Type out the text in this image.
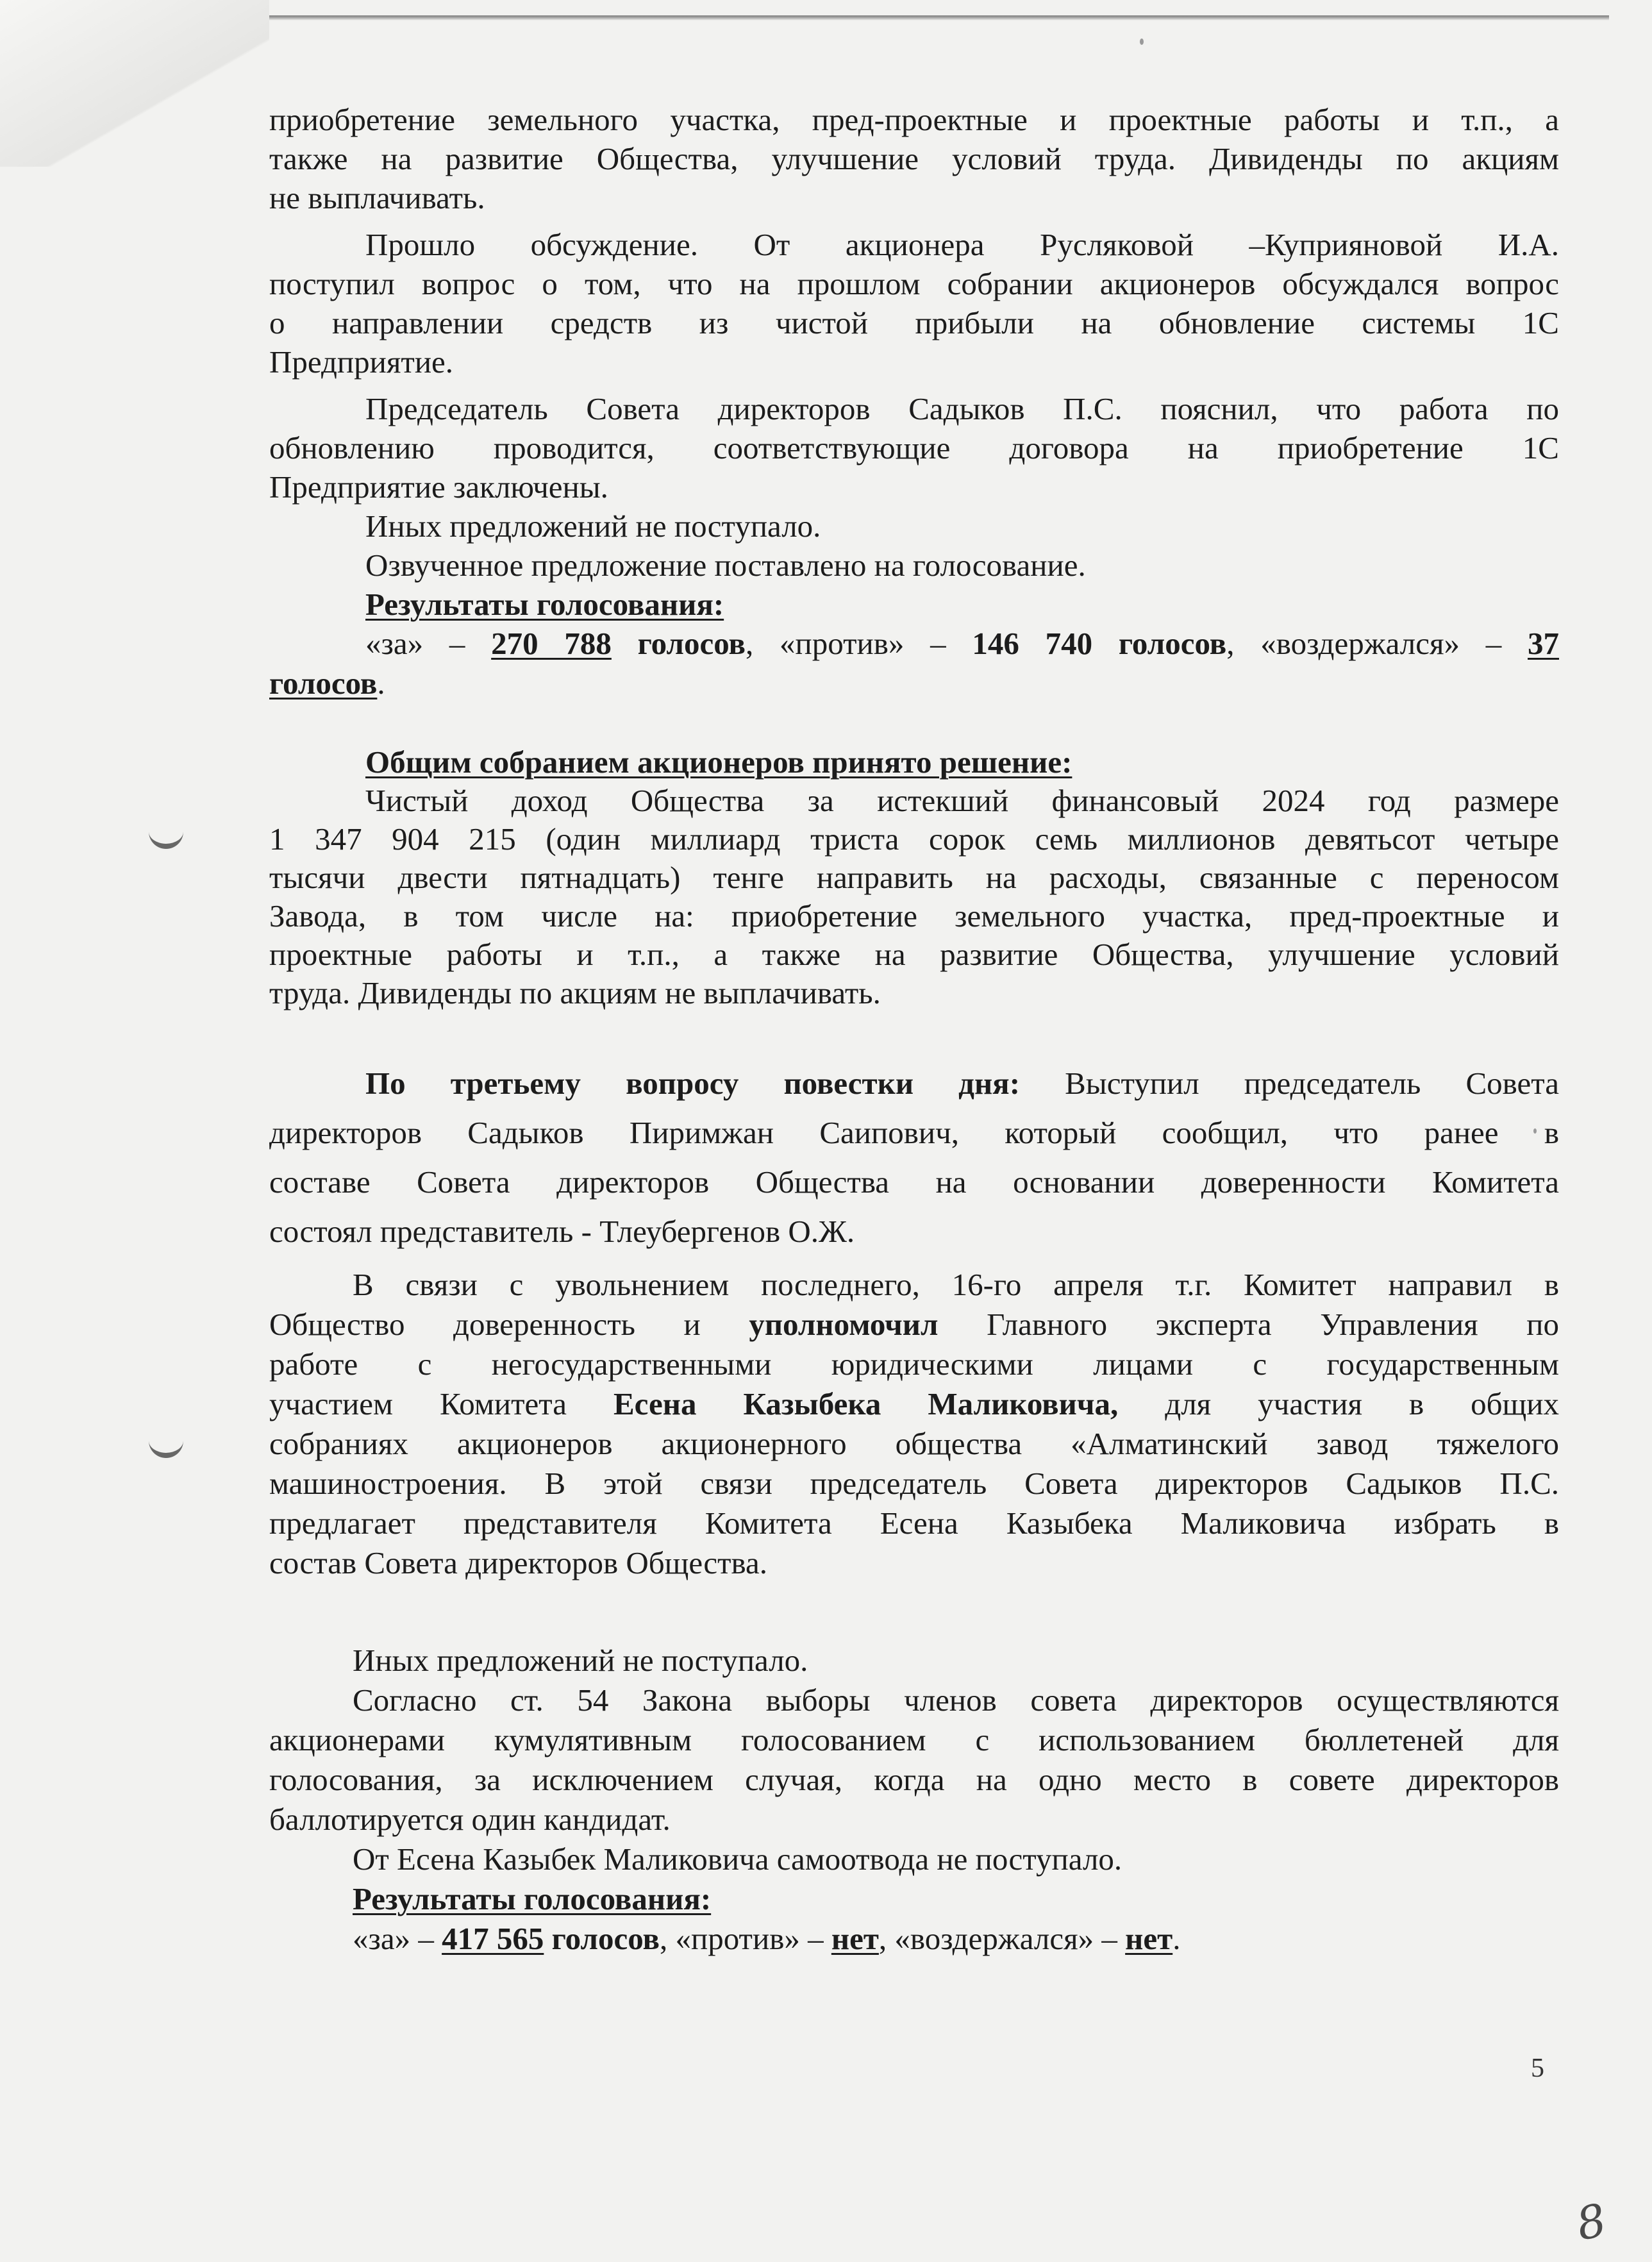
приобретение земельного участка, пред-проектные и проектные работы и т.п., а

также на развитие Общества, улучшение условий труда. Дивиденды по акциям

не выплачивать.

Прошло обсуждение. От акционера Русляковой –Куприяновой И.А.

поступил вопрос о том, что на прошлом собрании акционеров обсуждался вопрос

о направлении средств из чистой прибыли на обновление системы 1С

Предприятие.

Председатель Совета директоров Садыков П.С. пояснил, что работа по

обновлению проводится, соответствующие договора на приобретение 1С

Предприятие заключены.

Иных предложений не поступало.

Озвученное предложение поставлено на голосование.

Результаты голосования:

«за» – 270 788 голосов, «против» – 146 740 голосов, «воздержался» – 37

голосов.

Общим собранием акционеров принято решение:

Чистый доход Общества за истекший финансовый 2024 год размере

1 347 904 215 (один миллиард триста сорок семь миллионов девятьсот четыре

тысячи двести пятнадцать) тенге направить на расходы, связанные с переносом

Завода, в том числе на: приобретение земельного участка, пред-проектные и

проектные работы и т.п., а также на развитие Общества, улучшение условий

труда. Дивиденды по акциям не выплачивать.

По третьему вопросу повестки дня: Выступил председатель Совета

директоров Садыков Пиримжан Саипович, который сообщил, что ранее в

составе Совета директоров Общества на основании доверенности Комитета

состоял представитель - Тлеубергенов О.Ж.

В связи с увольнением последнего, 16-го апреля т.г. Комитет направил в

Общество доверенность и уполномочил Главного эксперта Управления по

работе с негосударственными юридическими лицами с государственным

участием Комитета Есена Казыбека Маликовича, для участия в общих

собраниях акционеров акционерного общества «Алматинский завод тяжелого

машиностроения. В этой связи председатель Совета директоров Садыков П.С.

предлагает представителя Комитета Есена Казыбека Маликовича избрать в

состав Совета директоров Общества.

Иных предложений не поступало.

Согласно ст. 54 Закона выборы членов совета директоров осуществляются

акционерами кумулятивным голосованием с использованием бюллетеней для

голосования, за исключением случая, когда на одно место в совете директоров

баллотируется один кандидат.

От Есена Казыбек Маликовича самоотвода не поступало.

Результаты голосования:

«за» – 417 565 голосов, «против» – нет, «воздержался» – нет.

5
8
